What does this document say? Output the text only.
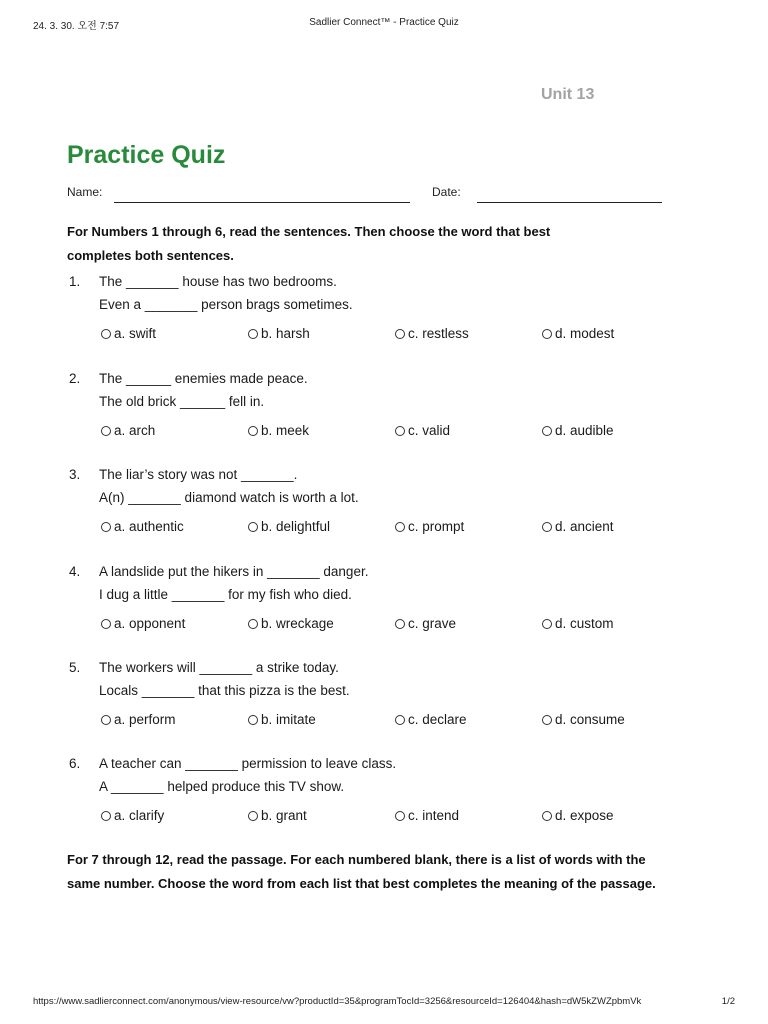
24. 3. 30. 오전 7:57	Sadlier Connect™ - Practice Quiz
Unit 13
Practice Quiz
Name:	Date:
For Numbers 1 through 6, read the sentences. Then choose the word that best completes both sentences.
1. The _______ house has two bedrooms.
Even a _______ person brags sometimes.
a. swift	b. harsh	c. restless	d. modest
2. The ______ enemies made peace.
The old brick ______ fell in.
a. arch	b. meek	c. valid	d. audible
3. The liar’s story was not _______.
A(n) _______ diamond watch is worth a lot.
a. authentic	b. delightful	c. prompt	d. ancient
4. A landslide put the hikers in _______ danger.
I dug a little _______ for my fish who died.
a. opponent	b. wreckage	c. grave	d. custom
5. The workers will _______ a strike today.
Locals _______ that this pizza is the best.
a. perform	b. imitate	c. declare	d. consume
6. A teacher can _______ permission to leave class.
A _______ helped produce this TV show.
a. clarify	b. grant	c. intend	d. expose
For 7 through 12, read the passage. For each numbered blank, there is a list of words with the same number. Choose the word from each list that best completes the meaning of the passage.
https://www.sadlierconnect.com/anonymous/view-resource/vw?productId=35&programTocId=3256&resourceId=126404&hash=dW5kZWZpbmVk	1/2
